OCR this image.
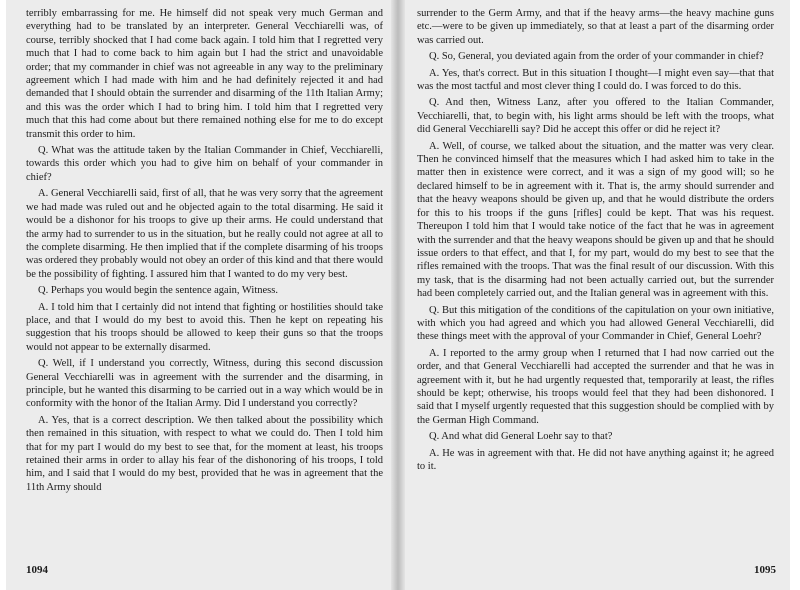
terribly embarrassing for me. He himself did not speak very much German and everything had to be translated by an interpreter. General Vecchiarelli was, of course, terribly shocked that I had come back again. I told him that I regretted very much that I had to come back to him again but I had the strict and unavoidable order; that my commander in chief was not agreeable in any way to the preliminary agreement which I had made with him and he had definitely rejected it and had demanded that I should obtain the surrender and disarming of the 11th Italian Army; and this was the order which I had to bring him. I told him that I regretted very much that this had come about but there remained nothing else for me to do except transmit this order to him.

Q. What was the attitude taken by the Italian Commander in Chief, Vecchiarelli, towards this order which you had to give him on behalf of your commander in chief?

A. General Vecchiarelli said, first of all, that he was very sorry that the agreement we had made was ruled out and he objected again to the total disarming. He said it would be a dishonor for his troops to give up their arms. He could understand that the army had to surrender to us in the situation, but he really could not agree at all to the complete disarming. He then implied that if the complete disarming of his troops was ordered they probably would not obey an order of this kind and that there would be the possibility of fighting. I assured him that I wanted to do my very best.

Q. Perhaps you would begin the sentence again, Witness.

A. I told him that I certainly did not intend that fighting or hostilities should take place, and that I would do my best to avoid this. Then he kept on repeating his suggestion that his troops should be allowed to keep their guns so that the troops would not appear to be externally disarmed.

Q. Well, if I understand you correctly, Witness, during this second discussion General Vecchiarelli was in agreement with the surrender and the disarming, in principle, but he wanted this disarming to be carried out in a way which would be in conformity with the honor of the Italian Army. Did I understand you correctly?

A. Yes, that is a correct description. We then talked about the possibility which then remained in this situation, with respect to what we could do. Then I told him that for my part I would do my best to see that, for the moment at least, his troops retained their arms in order to allay his fear of the dishonoring of his troops, I told him, and I said that I would do my best, provided that he was in agreement that the 11th Army should

1094

surrender to the Germ Army, and that if the heavy arms—the heavy machine guns etc.—were to be given up immediately, so that at least a part of the disarming order was carried out.

Q. So, General, you deviated again from the order of your commander in chief?

A. Yes, that's correct. But in this situation I thought—I might even say—that that was the most tactful and most clever thing I could do. I was forced to do this.

Q. And then, Witness Lanz, after you offered to the Italian Commander, Vecchiarelli, that, to begin with, his light arms should be left with the troops, what did General Vecchiarelli say? Did he accept this offer or did he reject it?

A. Well, of course, we talked about the situation, and the matter was very clear. Then he convinced himself that the measures which I had asked him to take in the matter then in existence were correct, and it was a sign of my good will; so he declared himself to be in agreement with it. That is, the army should surrender and that the heavy weapons should be given up, and that he would distribute the orders for this to his troops if the guns [rifles] could be kept. That was his request. Thereupon I told him that I would take notice of the fact that he was in agreement with the surrender and that the heavy weapons should be given up and that he should issue orders to that effect, and that I, for my part, would do my best to see that the rifles remained with the troops. That was the final result of our discussion. With this my task, that is the disarming had not been actually carried out, but the surrender had been completely carried out, and the Italian general was in agreement with this.

Q. But this mitigation of the conditions of the capitulation on your own initiative, with which you had agreed and which you had allowed General Vecchiarelli, did these things meet with the approval of your Commander in Chief, General Loehr?

A. I reported to the army group when I returned that I had now carried out the order, and that General Vecchiarelli had accepted the surrender and that he was in agreement with it, but he had urgently requested that, temporarily at least, the rifles should be kept; otherwise, his troops would feel that they had been dishonored. I said that I myself urgently requested that this suggestion should be complied with by the German High Command.

Q. And what did General Loehr say to that?

A. He was in agreement with that. He did not have anything against it; he agreed to it.

1095
